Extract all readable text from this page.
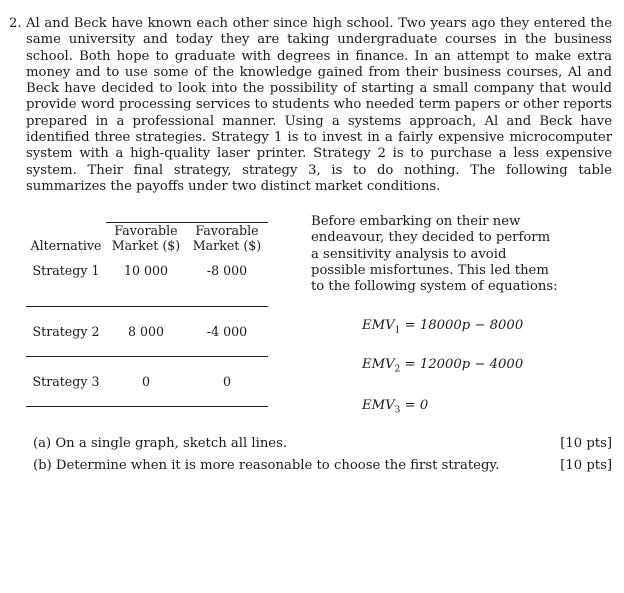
2. Al and Beck have known each other since high school. Two years ago they entered the same university and today they are taking undergraduate courses in the business school. Both hope to graduate with degrees in finance. In an attempt to make extra money and to use some of the knowledge gained from their business courses, Al and Beck have decided to look into the possibility of starting a small company that would provide word processing services to students who needed term papers or other reports prepared in a professional manner. Using a systems approach, Al and Beck have identified three strategies. Strategy 1 is to invest in a fairly expensive microcomputer system with a high-quality laser printer. Strategy 2 is to purchase a less expensive system. Their final strategy, strategy 3, is to do nothing. The following table summarizes the payoffs under two distinct market conditions.

	Favorable	Favorable
Alternative	Market ($)	Market ($)
Strategy 1	10 000	-8 000
Strategy 2	8 000	-4 000
Strategy 3	0	0

Before embarking on their new endeavour, they decided to perform a sensitivity analysis to avoid possible misfortunes. This led them to the following system of equations:

$EMV_1 = 18000p - 8000$
$EMV_2 = 12000p - 4000$
$EMV_3 = 0$
(a) On a single graph, sketch all lines.	[10 pts]
(b) Determine when it is more reasonable to choose the first strategy.	[10 pts]
